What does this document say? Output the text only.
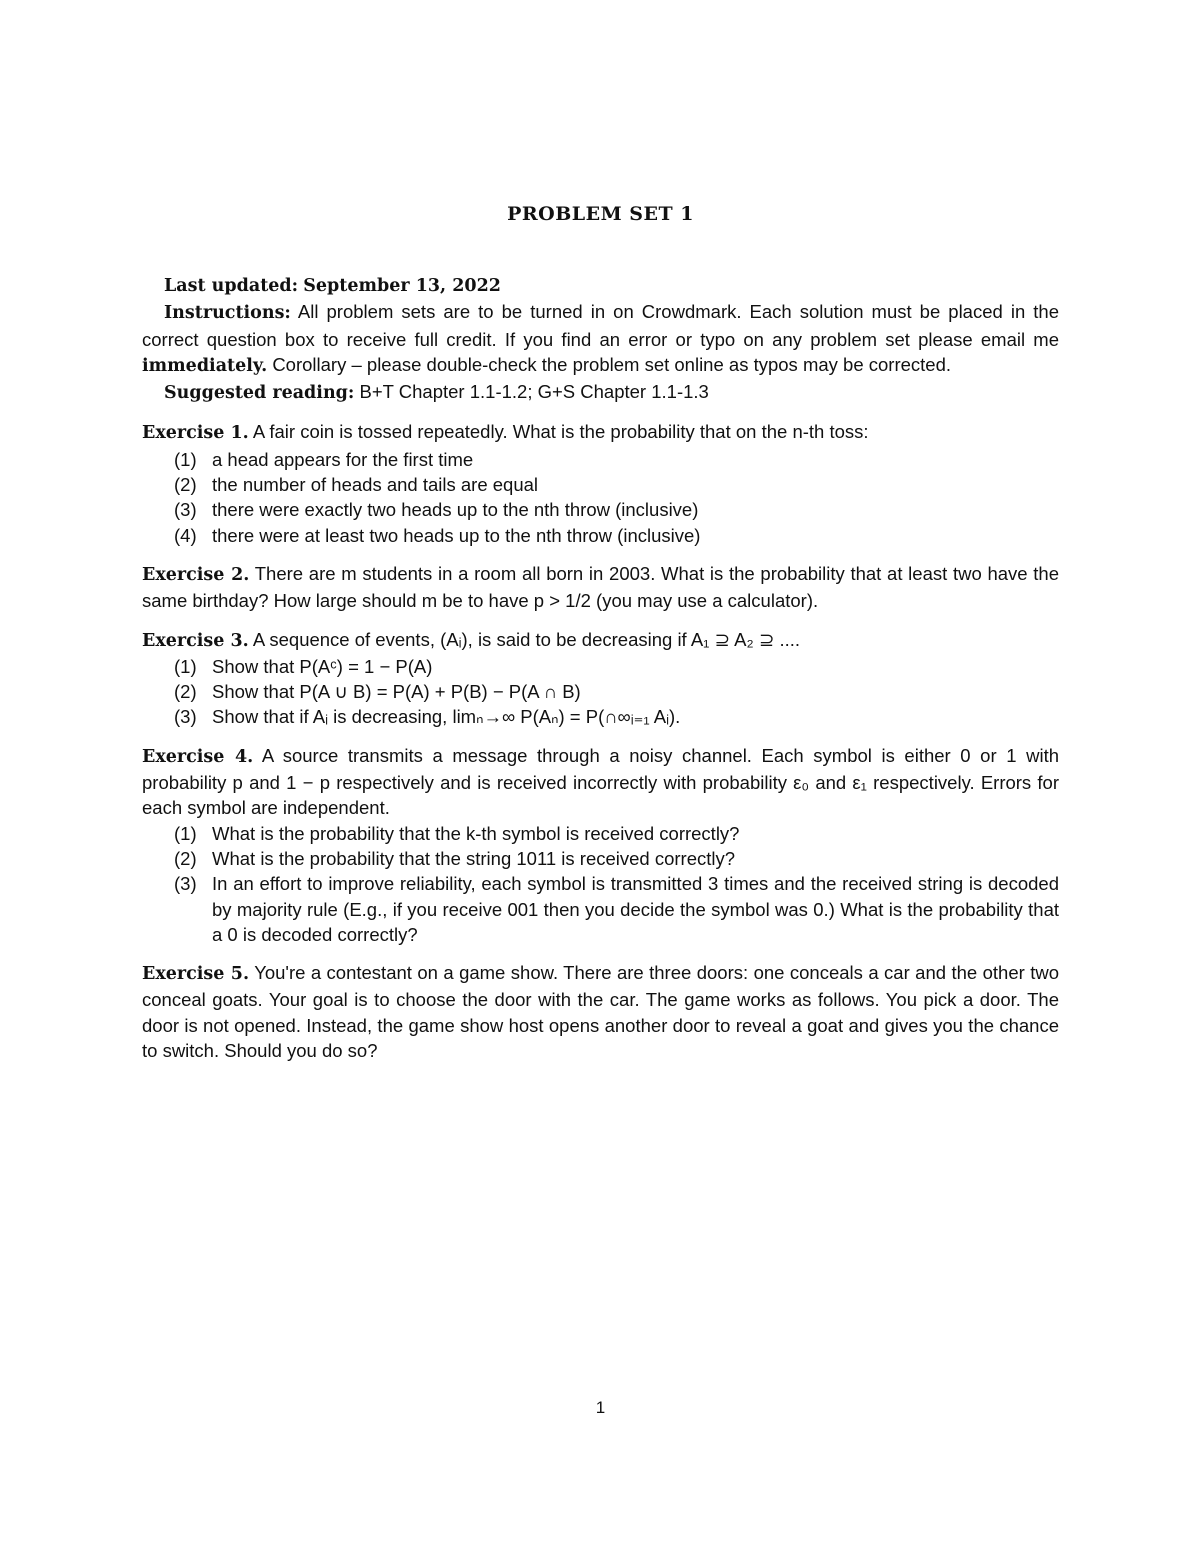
PROBLEM SET 1

Last updated: September 13, 2022

Instructions: All problem sets are to be turned in on Crowdmark. Each solution must be placed in the correct question box to receive full credit. If you find an error or typo on any problem set please email me immediately. Corollary – please double-check the problem set online as typos may be corrected.

Suggested reading: B+T Chapter 1.1-1.2; G+S Chapter 1.1-1.3

Exercise 1. A fair coin is tossed repeatedly. What is the probability that on the n-th toss:

(1) a head appears for the first time
(2) the number of heads and tails are equal
(3) there were exactly two heads up to the nth throw (inclusive)
(4) there were at least two heads up to the nth throw (inclusive)

Exercise 2. There are m students in a room all born in 2003. What is the probability that at least two have the same birthday? How large should m be to have p > 1/2 (you may use a calculator).

Exercise 3. A sequence of events, (Aᵢ), is said to be decreasing if A₁ ⊇ A₂ ⊇ ....

(1) Show that P(Aᶜ) = 1 − P(A)
(2) Show that P(A ∪ B) = P(A) + P(B) − P(A ∩ B)
(3) Show that if Aᵢ is decreasing, limₙ→∞ P(Aₙ) = P(∩∞ᵢ₌₁ Aᵢ).

Exercise 4. A source transmits a message through a noisy channel. Each symbol is either 0 or 1 with probability p and 1 − p respectively and is received incorrectly with probability ε₀ and ε₁ respectively. Errors for each symbol are independent.

(1) What is the probability that the k-th symbol is received correctly?
(2) What is the probability that the string 1011 is received correctly?
(3) In an effort to improve reliability, each symbol is transmitted 3 times and the received string is decoded by majority rule (E.g., if you receive 001 then you decide the symbol was 0.) What is the probability that a 0 is decoded correctly?

Exercise 5. You're a contestant on a game show. There are three doors: one conceals a car and the other two conceal goats. Your goal is to choose the door with the car. The game works as follows. You pick a door. The door is not opened. Instead, the game show host opens another door to reveal a goat and gives you the chance to switch. Should you do so?

1
